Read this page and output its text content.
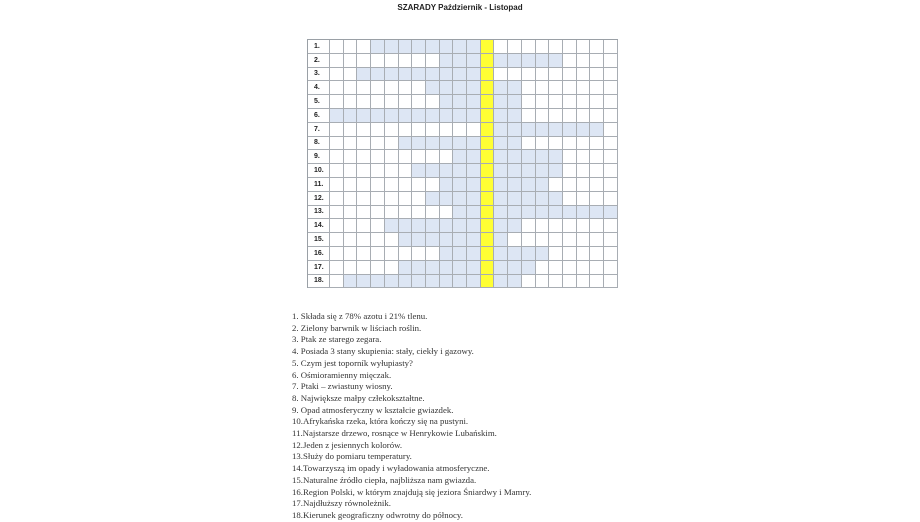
SZARADY Październik - Listopad
1.
2.
3.
4.
5.
6.
7.
8.
9.
10.
11.
12.
13.
14.
15.
16.
17.
18.
1. Składa się z 78% azotu i 21% tlenu.
2. Zielony barwnik w liściach roślin.
3. Ptak ze starego zegara.
4. Posiada 3 stany skupienia: stały, ciekły i gazowy.
5. Czym jest toporník wyłupiasty?
6. Ośmioramienny mięczak.
7. Ptaki – zwiastuny wiosny.
8. Największe małpy człekokształtne.
9. Opad atmosferyczny w kształcie gwiazdek.
10.Afrykańska rzeka, która kończy się na pustyni.
11.Najstarsze drzewo, rosnące w Henrykowie Lubańskim.
12.Jeden z jesiennych kolorów.
13.Służy do pomiaru temperatury.
14.Towarzyszą im opady i wyładowania atmosferyczne.
15.Naturalne źródło ciepła, najbliższa nam gwiazda.
16.Region Polski, w którym znajdują się jeziora Śniardwy i Mamry.
17.Najdłuższy równoleżnik.
18.Kierunek geograficzny odwrotny do północy.
